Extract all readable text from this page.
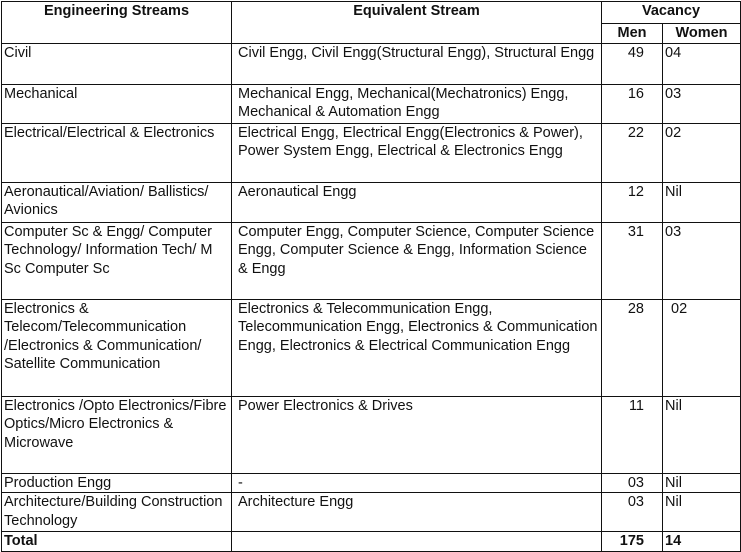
Engineering Streams	Equivalent Stream	Vacancy	
		Men	Women
Civil	Civil Engg, Civil Engg(Structural Engg), Structural Engg	49	04
Mechanical	Mechanical Engg, Mechanical(Mechatronics) Engg, Mechanical & Automation Engg	16	03
Electrical/Electrical & Electronics	Electrical Engg, Electrical Engg(Electronics & Power), Power System Engg, Electrical & Electronics Engg	22	02
Aeronautical/Aviation/ Ballistics/ Avionics	Aeronautical Engg	12	Nil
Computer Sc & Engg/ Computer Technology/ Information Tech/ M Sc Computer Sc	Computer Engg, Computer Science, Computer Science Engg, Computer Science & Engg, Information Science & Engg	31	03
Electronics & Telecom/Telecommunication /Electronics & Communication/ Satellite Communication	Electronics & Telecommunication Engg, Telecommunication Engg, Electronics & Communication Engg, Electronics & Electrical Communication Engg	28	02
Electronics /Opto Electronics/Fibre Optics/Micro Electronics & Microwave	Power Electronics & Drives	11	Nil
Production Engg	-	03	Nil
Architecture/Building Construction Technology	Architecture Engg	03	Nil
Total		175	14
